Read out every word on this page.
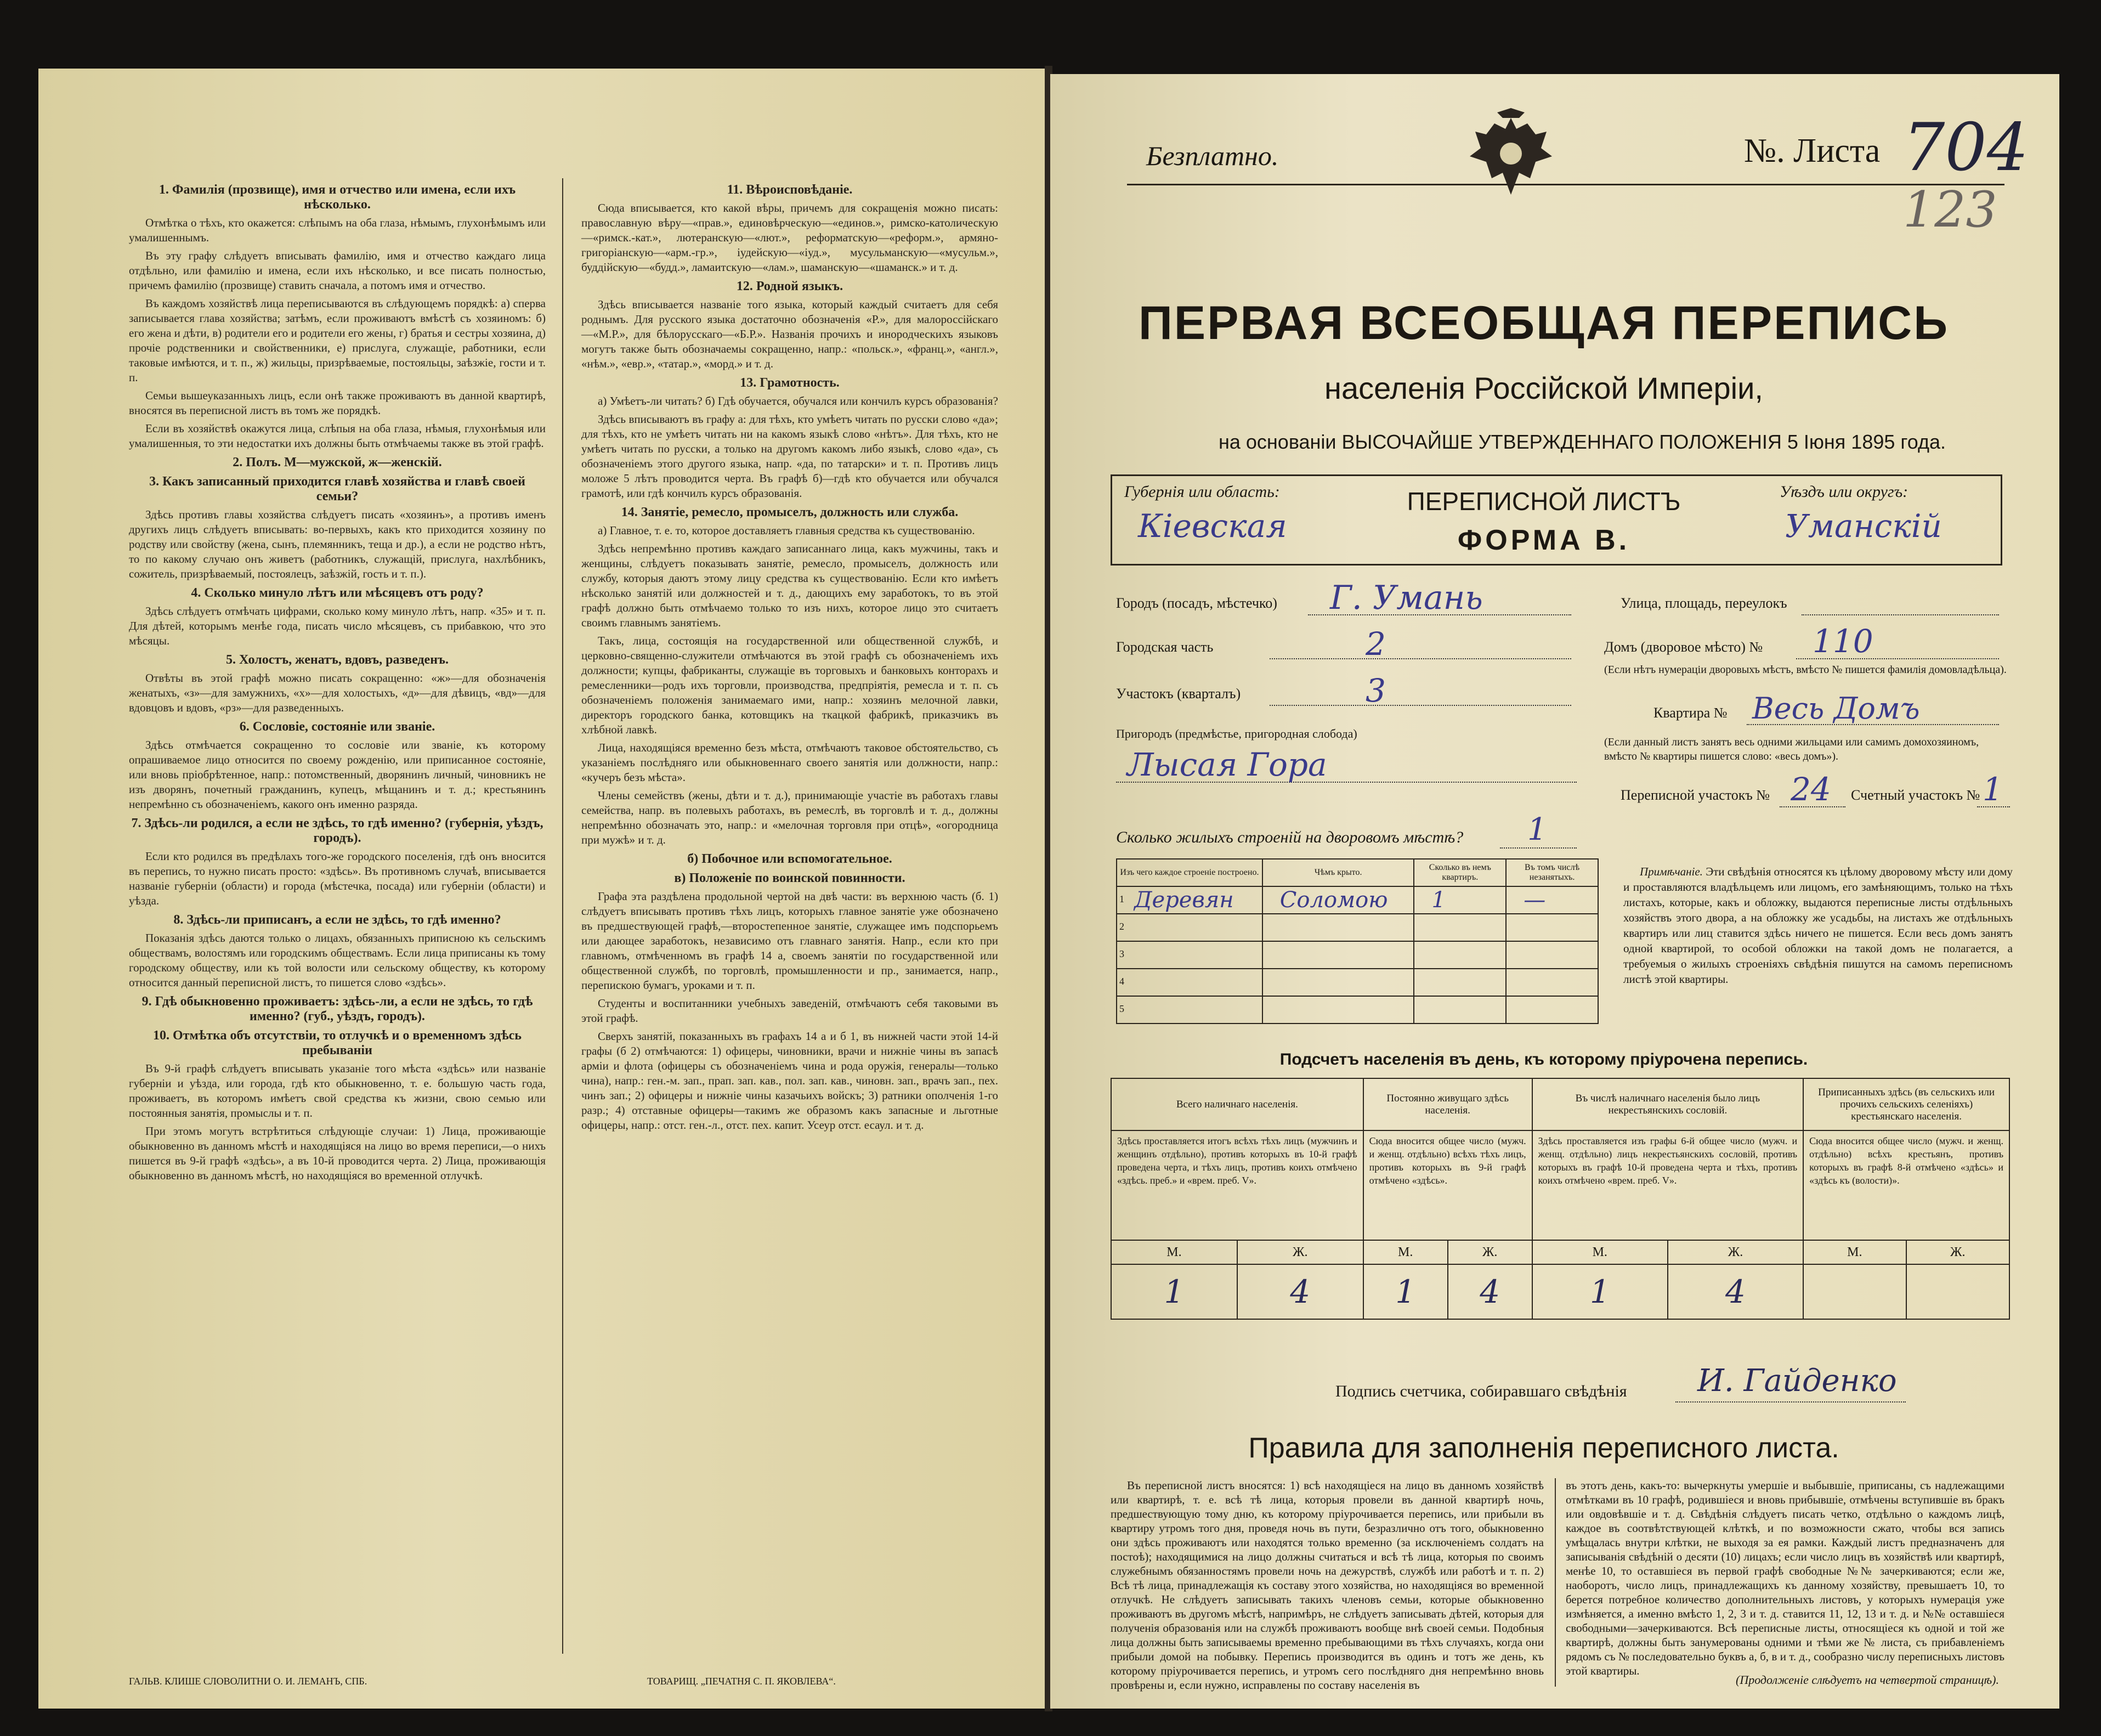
1. Фамилія (прозвище), имя и отчество или имена, если ихъ нѣсколько.

Отмѣтка о тѣхъ, кто окажется: слѣпымъ на оба глаза, нѣмымъ, глухонѣмымъ или умалишеннымъ.

Въ эту графу слѣдуетъ вписывать фамилію, имя и отчество каждаго лица отдѣльно, или фамилію и имена, если ихъ нѣсколько, и все писать полностью, причемъ фамилію (прозвище) ставить сначала, а потомъ имя и отчество.

Въ каждомъ хозяйствѣ лица переписываются въ слѣдующемъ порядкѣ: а) сперва записывается глава хозяйства; затѣмъ, если проживаютъ вмѣстѣ съ хозяиномъ: б) его жена и дѣти, в) родители его и родители его жены, г) братья и сестры хозяина, д) прочіе родственники и свойственники, е) прислуга, служащіе, работники, если таковые имѣются, и т. п., ж) жильцы, призрѣваемые, постояльцы, заѣзжіе, гости и т. п.

Семьи вышеуказанныхъ лицъ, если онѣ также проживаютъ въ данной квартирѣ, вносятся въ переписной листъ въ томъ же порядкѣ.

Если въ хозяйствѣ окажутся лица, слѣпыя на оба глаза, нѣмыя, глухонѣмыя или умалишенныя, то эти недостатки ихъ должны быть отмѣчаемы также въ этой графѣ.

2. Полъ. М—мужской, ж—женскій.
3. Какъ записанный приходится главѣ хозяйства и главѣ своей семьи?

Здѣсь противъ главы хозяйства слѣдуетъ писать «хозяинъ», а противъ именъ другихъ лицъ слѣдуетъ вписывать: во-первыхъ, какъ кто приходится хозяину по родству или свойству (жена, сынъ, племянникъ, теща и др.), а если не родство нѣтъ, то по какому случаю онъ живетъ (работникъ, служащій, прислуга, нахлѣбникъ, сожитель, призрѣваемый, постоялецъ, заѣзжій, гость и т. п.).

4. Сколько минуло лѣтъ или мѣсяцевъ отъ роду?

Здѣсь слѣдуетъ отмѣчать цифрами, сколько кому минуло лѣтъ, напр. «35» и т. п. Для дѣтей, которымъ менѣе года, писать число мѣсяцевъ, съ прибавкою, что это мѣсяцы.

5. Холостъ, женатъ, вдовъ, разведенъ.

Отвѣты въ этой графѣ можно писать сокращенно: «ж»—для обозначенія женатыхъ, «з»—для замужнихъ, «х»—для холостыхъ, «д»—для дѣвицъ, «вд»—для вдовцовъ и вдовъ, «рз»—для разведенныхъ.

6. Сословіе, состояніе или званіе.

Здѣсь отмѣчается сокращенно то сословіе или званіе, къ которому опрашиваемое лицо относится по своему рожденію, или приписанное состояніе, или вновь пріобрѣтенное, напр.: потомственный, дворянинъ личный, чиновникъ не изъ дворянъ, почетный гражданинъ, купецъ, мѣщанинъ и т. д.; крестьянинъ непремѣнно съ обозначеніемъ, какого онъ именно разряда.

7. Здѣсь-ли родился, а если не здѣсь, то гдѣ именно? (губернія, уѣздъ, городъ).

Если кто родился въ предѣлахъ того-же городского поселенія, гдѣ онъ вносится въ перепись, то нужно писать просто: «здѣсь». Въ противномъ случаѣ, вписывается названіе губерніи (области) и города (мѣстечка, посада) или губерніи (области) и уѣзда.

8. Здѣсь-ли приписанъ, а если не здѣсь, то гдѣ именно?

Показанія здѣсь даются только о лицахъ, обязанныхъ приписною къ сельскимъ обществамъ, волостямъ или городскимъ обществамъ. Если лица приписаны къ тому городскому обществу, или къ той волости или сельскому обществу, къ которому относится данный переписной листъ, то пишется слово «здѣсь».

9. Гдѣ обыкновенно проживаетъ: здѣсь-ли, а если не здѣсь, то гдѣ именно? (губ., уѣздъ, городъ).
10. Отмѣтка объ отсутствіи, то отлучкѣ и о временномъ здѣсь пребываніи

Въ 9-й графѣ слѣдуетъ вписывать указаніе того мѣста «здѣсь» или названіе губерніи и уѣзда, или города, гдѣ кто обыкновенно, т. е. большую часть года, проживаетъ, въ которомъ имѣетъ свой средства къ жизни, свою семью или постоянныя занятія, промыслы и т. п.

При этомъ могутъ встрѣтиться слѣдующіе случаи: 1) Лица, проживающіе обыкновенно въ данномъ мѣстѣ и находящіяся на лицо во время переписи,—о нихъ пишется въ 9-й графѣ «здѣсь», а въ 10-й проводится черта. 2) Лица, проживающія обыкновенно въ данномъ мѣстѣ, но находящіяся во временной отлучкѣ.

11. Вѣроисповѣданіе.

Сюда вписывается, кто какой вѣры, причемъ для сокращенія можно писать: православную вѣру—«прав.», единовѣрческую—«единов.», римско-католическую—«римск.-кат.», лютеранскую—«лют.», реформатскую—«реформ.», армяно-григоріанскую—«арм.-гр.», іудейскую—«іуд.», мусульманскую—«мусульм.», буддійскую—«будд.», ламаитскую—«лам.», шаманскую—«шаманск.» и т. д.

12. Родной языкъ.

Здѣсь вписывается названіе того языка, который каждый считаетъ для себя роднымъ. Для русского языка достаточно обозначенія «Р.», для малороссійскаго—«М.Р.», для бѣлорусскаго—«Б.Р.». Названія прочихъ и инородческихъ языковъ могутъ также быть обозначаемы сокращенно, напр.: «польск.», «франц.», «англ.», «нѣм.», «евр.», «татар.», «морд.» и т. д.

13. Грамотность.

а) Умѣетъ-ли читать? б) Гдѣ обучается, обучался или кончилъ курсъ образованія?

Здѣсь вписываютъ въ графу а: для тѣхъ, кто умѣетъ читать по русски слово «да»; для тѣхъ, кто не умѣетъ читать ни на какомъ языкѣ слово «нѣтъ». Для тѣхъ, кто не умѣетъ читать по русски, а только на другомъ какомъ либо языкѣ, слово «да», съ обозначеніемъ этого другого языка, напр. «да, по татарски» и т. п. Противъ лицъ моложе 5 лѣтъ проводится черта. Въ графѣ б)—гдѣ кто обучается или обучался грамотѣ, или гдѣ кончилъ курсъ образованія.

14. Занятіе, ремесло, промыселъ, должность или служба.

а) Главное, т. е. то, которое доставляетъ главныя средства къ существованію.

Здѣсь непремѣнно противъ каждаго записаннаго лица, какъ мужчины, такъ и женщины, слѣдуетъ показывать занятіе, ремесло, промыселъ, должность или службу, которыя даютъ этому лицу средства къ существованію. Если кто имѣетъ нѣсколько занятій или должностей и т. д., дающихъ ему заработокъ, то въ этой графѣ должно быть отмѣчаемо только то изъ нихъ, которое лицо это считаетъ своимъ главнымъ занятіемъ.

Такъ, лица, состоящія на государственной или общественной службѣ, и церковно-священно-служители отмѣчаются въ этой графѣ съ обозначеніемъ ихъ должности; купцы, фабриканты, служащіе въ торговыхъ и банковыхъ конторахъ и ремесленники—родъ ихъ торговли, производства, предпріятія, ремесла и т. п. съ обозначеніемъ положенія занимаемаго ими, напр.: хозяинъ мелочной лавки, директоръ городского банка, котовщикъ на ткацкой фабрикѣ, приказчикъ въ хлѣбной лавкѣ.

Лица, находящіяся временно безъ мѣста, отмѣчаютъ таковое обстоятельство, съ указаніемъ послѣдняго или обыкновеннаго своего занятія или должности, напр.: «кучеръ безъ мѣста».

Члены семействъ (жены, дѣти и т. д.), принимающіе участіе въ работахъ главы семейства, напр. въ полевыхъ работахъ, въ ремеслѣ, въ торговлѣ и т. д., должны непремѣнно обозначать это, напр.: и «мелочная торговля при отцѣ», «огородница при мужѣ» и т. д.

б) Побочное или вспомогательное.
в) Положеніе по воинской повинности.

Графа эта раздѣлена продольной чертой на двѣ части: въ верхнюю часть (б. 1) слѣдуетъ вписывать противъ тѣхъ лицъ, которыхъ главное занятіе уже обозначено въ предшествующей графѣ,—второстепенное занятіе, служащее имъ подспорьемъ или дающее заработокъ, независимо отъ главнаго занятія. Напр., если кто при главномъ, отмѣченномъ въ графѣ 14 а, своемъ занятіи по государственной или общественной службѣ, по торговлѣ, промышленности и пр., занимается, напр., перепискою бумагъ, уроками и т. п.

Студенты и воспитанники учебныхъ заведеній, отмѣчаютъ себя таковыми въ этой графѣ.

Сверхъ занятій, показанныхъ въ графахъ 14 а и б 1, въ нижней части этой 14-й графы (б 2) отмѣчаются: 1) офицеры, чиновники, врачи и нижніе чины въ запасѣ арміи и флота (офицеры съ обозначеніемъ чина и рода оружія, генералы—только чина), напр.: ген.-м. зап., прап. зап. кав., пол. зап. кав., чиновн. зап., врачъ зап., пех. чинъ зап.; 2) офицеры и нижніе чины казачьихъ войскъ; 3) ратники ополченія 1-го разр.; 4) отставные офицеры—такимъ же образомъ какъ запасные и льготные офицеры, напр.: отст. ген.-л., отст. пех. капит. Усеур отст. есаул. и т. д.

ГАЛЬВ. КЛИШЕ СЛОВОЛИТНИ О. И. ЛЕМАНЪ, СПБ.	ТОВАРИЩ. „ПЕЧАТНЯ С. П. ЯКОВЛЕВА“.
Безплатно.	№. Листа 704
123
ПЕРВАЯ ВСЕОБЩАЯ ПЕРЕПИСЬ
населенія Россійской Имперіи,
на основаніи ВЫСОЧАЙШЕ УТВЕРЖДЕННАГО ПОЛОЖЕНІЯ 5 Іюня 1895 года.
Губернія или область:
Кіевская
ПЕРЕПИСНОЙ ЛИСТЪ
ФОРМА В.
Уѣздъ или округъ:
Уманскій
Городъ (посадъ, мѣстечко) Г. Умань
Городская часть	2
Участокъ (кварталъ)	3
Пригородъ (предмѣстье, пригородная слобода)
Лысая Гора
Улица, площадь, переулокъ
Домъ (дворовое мѣсто) № 110
(Если нѣтъ нумераціи дворовыхъ мѣстъ, вмѣсто № пишется фамилія домовладѣльца).
Квартира № Весь Домъ
(Если данный листъ занятъ весь одними жильцами или самимъ домохозяиномъ, вмѣсто № квартиры пишется слово: «весь домъ»).
Переписной участокъ № 24 Счетный участокъ № 1
Сколько жилыхъ строеній на дворовомъ мѣстѣ? 1
Изъ чего каждое строеніе построено.	Чѣмъ крыто.	Сколько въ немъ квартиръ.	Въ томъ числѣ незанятыхъ.

1 Деревян	Соломою	1	—

2			

3			

4			

5			

Примѣчаніе. Эти свѣдѣнія относятся къ цѣлому дворовому мѣсту или дому и проставляются владѣльцемъ или лицомъ, его замѣняющимъ, только на тѣхъ листахъ, которые, какъ и обложку, выдаются переписные листы отдѣльныхъ хозяйствъ этого двора, а на обложку же усадьбы, на листахъ же отдѣльныхъ квартиръ или лиц ставится здѣсь ничего не пишется. Если весь домъ занятъ одной квартирой, то особой обложки на такой домъ не полагается, а требуемыя о жилыхъ строеніяхъ свѣдѣнія пишутся на самомъ переписномъ листѣ этой квартиры.
Подсчетъ населенія въ день, къ которому пріурочена перепись.
Всего наличнаго населенія.		Постоянно живущаго здѣсь населенія.		Въ числѣ наличнаго населенія было лицъ некрестьянскихъ сословій.		Приписанныхъ здѣсь (въ сельскихъ или прочихъ сельскихъ селеніяхъ) крестьянскаго населенія.	
Здѣсь проставляется итогъ всѣхъ тѣхъ лицъ (мужчинъ и женщинъ отдѣльно), противъ которыхъ въ 10-й графѣ проведена черта, и тѣхъ лицъ, противъ коихъ отмѣчено «здѣсь. преб.» и «врем. преб. V».		Сюда вносится общее число (мужч. и женщ. отдѣльно) всѣхъ тѣхъ лицъ, противъ которыхъ въ 9-й графѣ отмѣчено «здѣсь».		Здѣсь проставляется изъ графы 6-й общее число (мужч. и женщ. отдѣльно) лицъ некрестьянскихъ сословій, противъ которыхъ въ графѣ 10-й проведена черта и тѣхъ, противъ коихъ отмѣчено «врем. преб. V».		Сюда вносится общее число (мужч. и женщ. отдѣльно) всѣхъ крестьянъ, противъ которыхъ въ графѣ 8-й отмѣчено «здѣсь» и «здѣсь къ (волости)».	
М.	Ж.	М.	Ж.	М.	Ж.	М.	Ж.
1	4	1	4	1	4		
Подпись счетчика, собиравшаго свѣдѣнія И. Гайденко
Правила для заполненія переписного листа.
Въ переписной листъ вносятся: 1) всѣ находящіеся на лицо въ данномъ хозяйствѣ или квартирѣ, т. е. всѣ тѣ лица, которыя провели въ данной квартирѣ ночь, предшествующую тому дню, къ которому пріурочивается перепись, или прибыли въ квартиру утромъ того дня, проведя ночь въ пути, безразлично отъ того, обыкновенно они здѣсь проживаютъ или находятся только временно (за исключеніемъ солдатъ на постоѣ); находящимися на лицо должны считаться и всѣ тѣ лица, которыя по своимъ служебнымъ обязанностямъ провели ночь на дежурствѣ, службѣ или работѣ и т. п. 2) Всѣ тѣ лица, принадлежащія къ составу этого хозяйства, но находящіяся во временной отлучкѣ. Не слѣдуетъ записывать такихъ членовъ семьи, которые обыкновенно проживаютъ въ другомъ мѣстѣ, напримѣръ, не слѣдуетъ записывать дѣтей, которыя для полученія образованія или на службѣ проживаютъ вообще внѣ своей семьи. Подобныя лица должны быть записываемы временно пребывающими въ тѣхъ случаяхъ, когда они прибыли домой на побывку. Перепись производится въ одинъ и тотъ же день, къ которому пріурочивается перепись, и утромъ сего послѣдняго дня непремѣнно вновь провѣрены и, если нужно, исправлены по составу населенія въ
въ этотъ день, какъ-то: вычеркнуты умершіе и выбывшіе, приписаны, съ надлежащими отмѣтками въ 10 графѣ, родившіеся и вновь прибывшіе, отмѣчены вступившіе въ бракъ или овдовѣвшіе и т. д. Свѣдѣнія слѣдуетъ писать четко, отдѣльно о каждомъ лицѣ, каждое въ соотвѣтствующей клѣткѣ, и по возможности сжато, чтобы вся запись умѣщалась внутри клѣтки, не выходя за ея рамки. Каждый листъ предназначенъ для записыванія свѣдѣній о десяти (10) лицахъ; если число лицъ въ хозяйствѣ или квартирѣ, менѣе 10, то оставшіеся въ первой графѣ свободные №№ зачеркиваются; если же, наоборотъ, число лицъ, принадлежащихъ къ данному хозяйству, превышаетъ 10, то берется потребное количество дополнительныхъ листовъ, у которыхъ нумерація уже измѣняется, а именно вмѣсто 1, 2, 3 и т. д. ставится 11, 12, 13 и т. д. и №№ оставшіеся свободными—зачеркиваются. Всѣ переписные листы, относящіеся къ одной и той же квартирѣ, должны быть занумерованы одними и тѣми же № листа, съ прибавленіемъ рядомъ съ № последовательно буквъ а, б, в и т. д., сообразно числу переписныхъ листовъ этой квартиры.
(Продолженіе слѣдуетъ на четвертой страницѣ).
